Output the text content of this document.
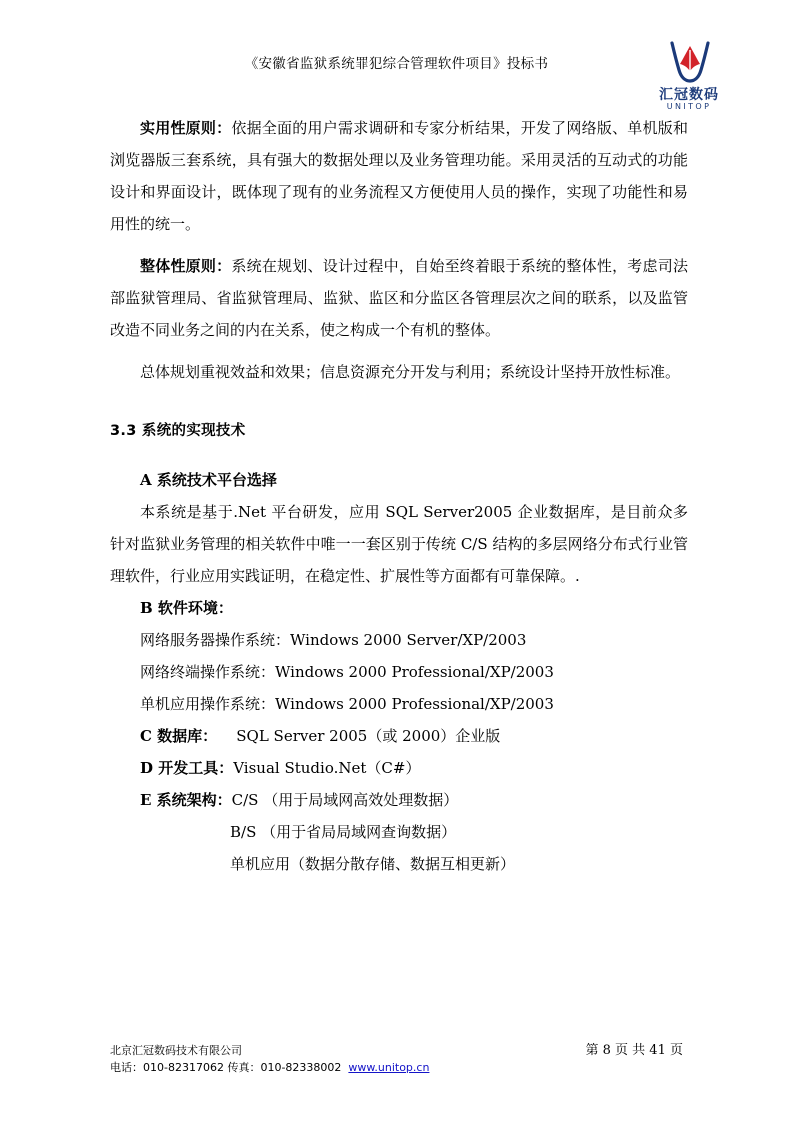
《安徽省监狱系统罪犯综合管理软件项目》投标书
汇冠数码
UNITOP

实用性原则：依据全面的用户需求调研和专家分析结果，开发了网络版、单机版和浏览器版三套系统，具有强大的数据处理以及业务管理功能。采用灵活的互动式的功能设计和界面设计，既体现了现有的业务流程又方便使用人员的操作，实现了功能性和易用性的统一。

整体性原则：系统在规划、设计过程中，自始至终着眼于系统的整体性，考虑司法部监狱管理局、省监狱管理局、监狱、监区和分监区各管理层次之间的联系，以及监管改造不同业务之间的内在关系，使之构成一个有机的整体。

总体规划重视效益和效果；信息资源充分开发与利用；系统设计坚持开放性标准。

3.3 系统的实现技术
A 系统技术平台选择

本系统是基于.Net 平台研发，应用 SQL Server2005 企业数据库，是目前众多针对监狱业务管理的相关软件中唯一一套区别于传统 C/S 结构的多层网络分布式行业管理软件，行业应用实践证明，在稳定性、扩展性等方面都有可靠保障。.

B 软件环境：
网络服务器操作系统：Windows 2000 Server/XP/2003
网络终端操作系统：Windows 2000 Professional/XP/2003
单机应用操作系统：Windows 2000 Professional/XP/2003
C 数据库： SQL Server 2005（或 2000）企业版
D 开发工具：Visual Studio.Net（C#）
E 系统架构：C/S （用于局域网高效处理数据）
B/S （用于省局局域网查询数据）
单机应用（数据分散存储、数据互相更新）
北京汇冠数码技术有限公司
电话：010-82317062 传真：010-82338002 www.unitop.cn
第 8 页 共 41 页
